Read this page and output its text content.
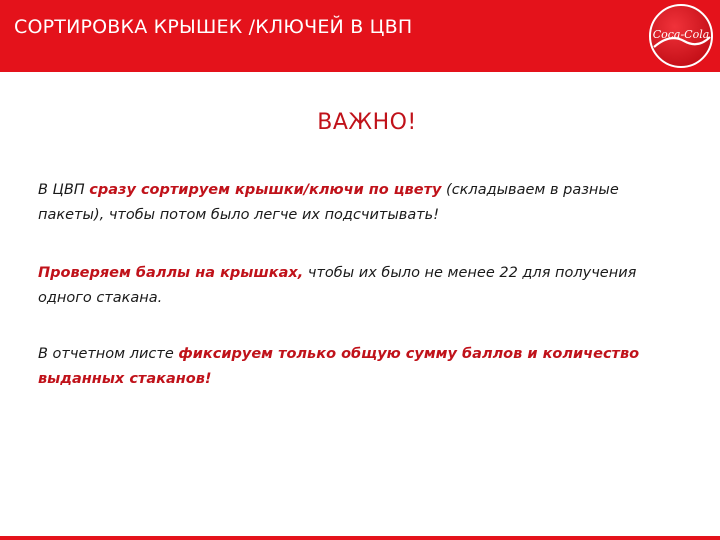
СОРТИРОВКА КРЫШЕК /КЛЮЧЕЙ В ЦВП	Coca-Cola
ВАЖНО!
В ЦВП сразу сортируем крышки/ключи по цвету (складываем в разные пакеты), чтобы потом было легче их подсчитывать!
Проверяем баллы на крышках, чтобы их было не менее 22 для получения одного стакана.
В отчетном листе фиксируем только общую сумму баллов и количество выданных стаканов!
